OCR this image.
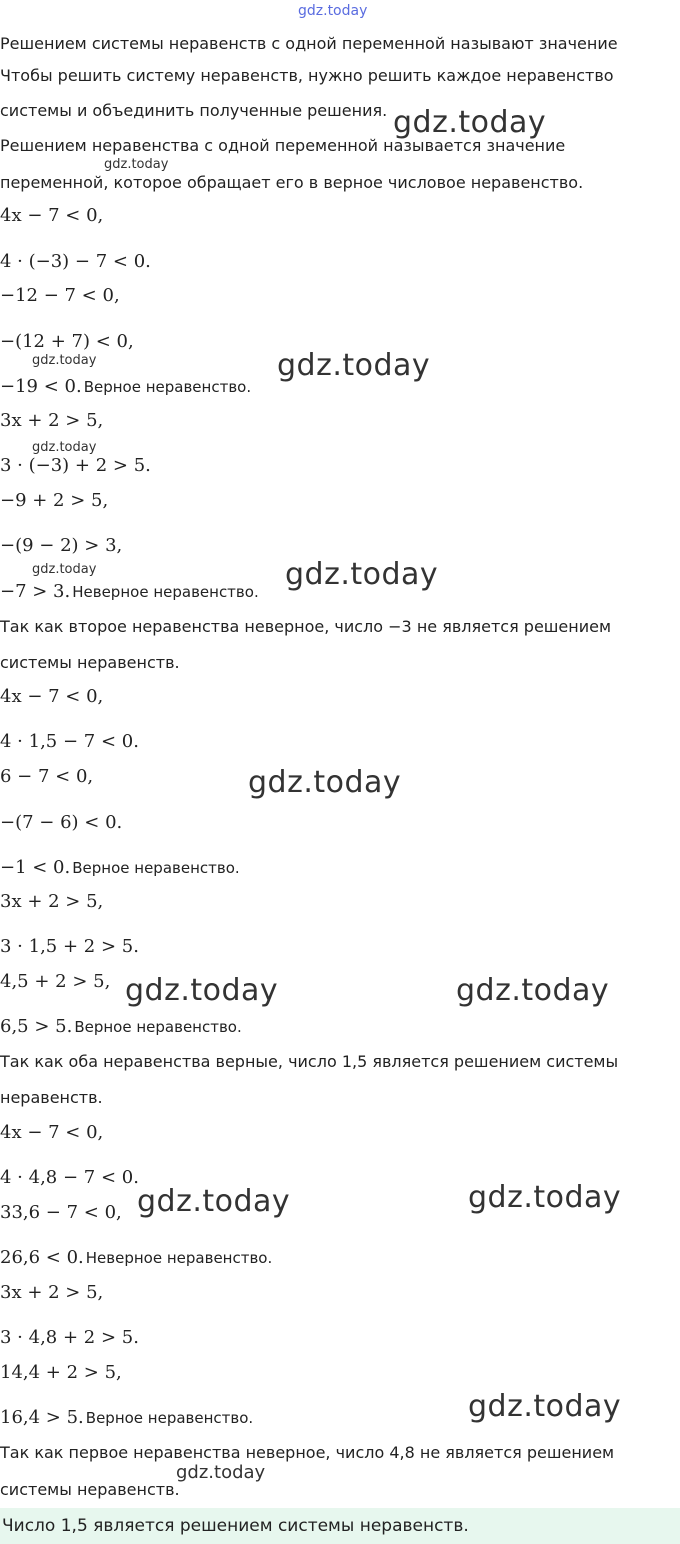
Решением системы неравенств с одной переменной называют значение
Чтобы решить систему неравенств, нужно решить каждое неравенство
системы и объединить полученные решения.
Решением неравенства с одной переменной называется значение
переменной, которое обращает его в верное числовое неравенство.
4x − 7 < 0,
4 · (−3) − 7 < 0.
−12 − 7 < 0,
−(12 + 7) < 0,
−19 < 0. Верное неравенство.
3x + 2 > 5,
3 · (−3) + 2 > 5.
−9 + 2 > 5,
−(9 − 2) > 3,
−7 > 3. Неверное неравенство.
Так как второе неравенства неверное, число −3 не является решением
системы неравенств.
4x − 7 < 0,
4 · 1,5 − 7 < 0.
6 − 7 < 0,
−(7 − 6) < 0.
−1 < 0. Верное неравенство.
3x + 2 > 5,
3 · 1,5 + 2 > 5.
4,5 + 2 > 5,
6,5 > 5. Верное неравенство.
Так как оба неравенства верные, число 1,5 является решением системы
неравенств.
4x − 7 < 0,
4 · 4,8 − 7 < 0.
33,6 − 7 < 0,
26,6 < 0. Неверное неравенство.
3x + 2 > 5,
3 · 4,8 + 2 > 5.
14,4 + 2 > 5,
16,4 > 5. Верное неравенство.
Так как первое неравенства неверное, число 4,8 не является решением
системы неравенств.
Число 1,5 является решением системы неравенств.
gdz.today
gdz.today
gdz.today
gdz.today
gdz.today
gdz.today
gdz.today	gdz.today
gdz.today
gdz.today	gdz.today
gdz.today	gdz.today
gdz.today
gdz.today
